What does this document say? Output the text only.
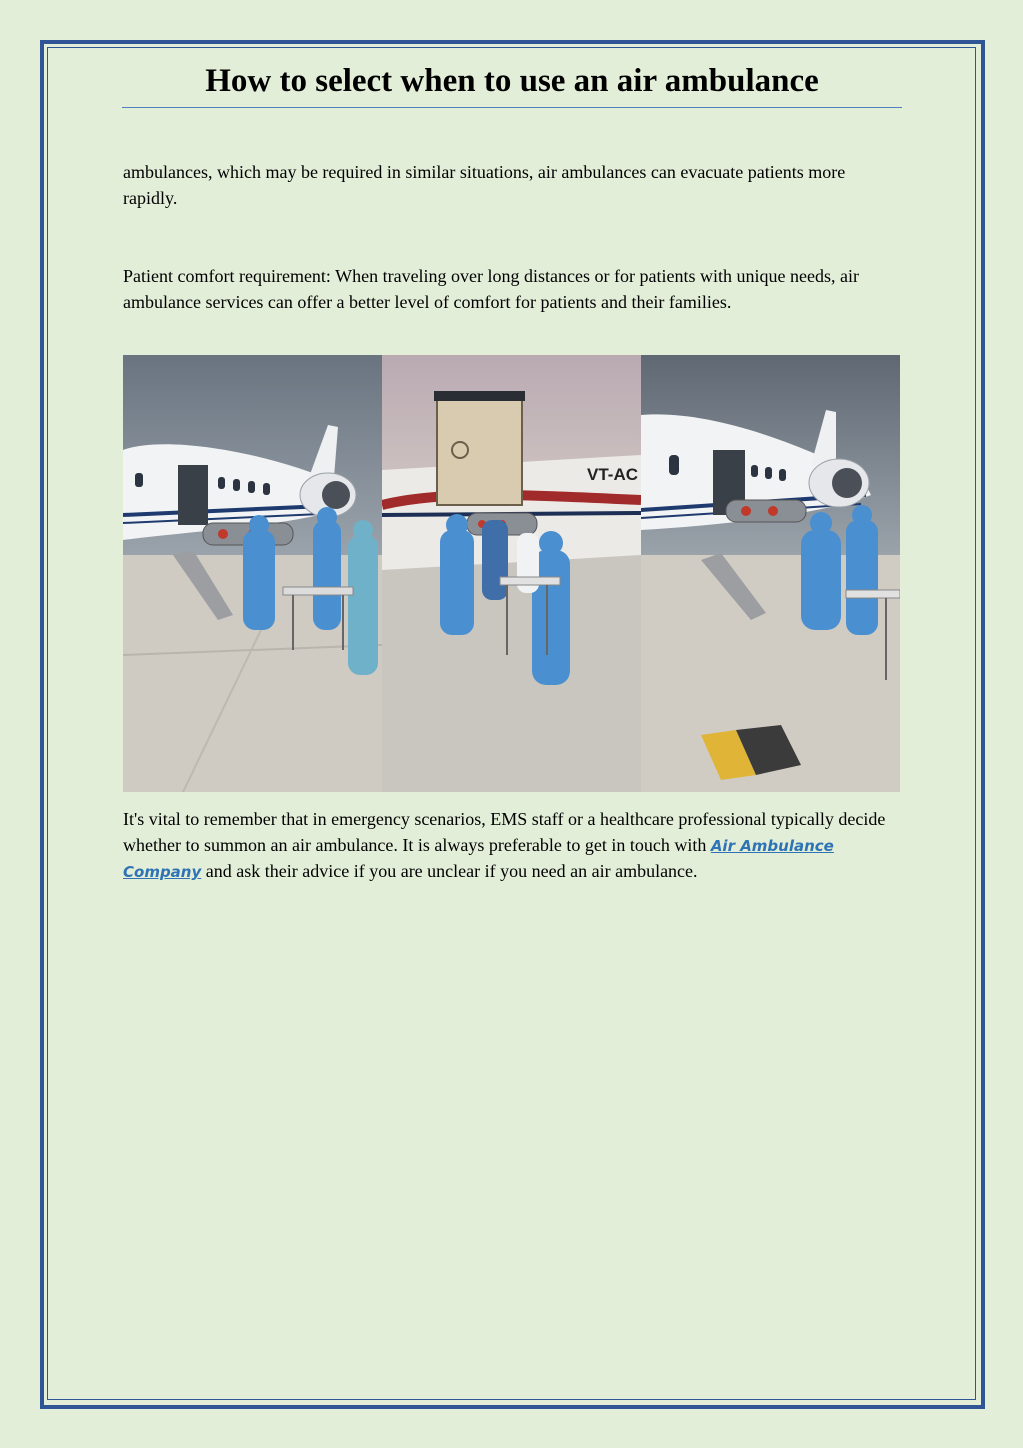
How to select when to use an air ambulance

ambulances, which may be required in similar situations, air ambulances can evacuate patients more rapidly.

Patient comfort requirement: When traveling over long distances or for patients with unique needs, air ambulance services can offer a better level of comfort for patients and their families.

VT-AC

It's vital to remember that in emergency scenarios, EMS staff or a healthcare professional typically decide whether to summon an air ambulance. It is always preferable to get in touch with Air Ambulance Company and ask their advice if you are unclear if you need an air ambulance.
